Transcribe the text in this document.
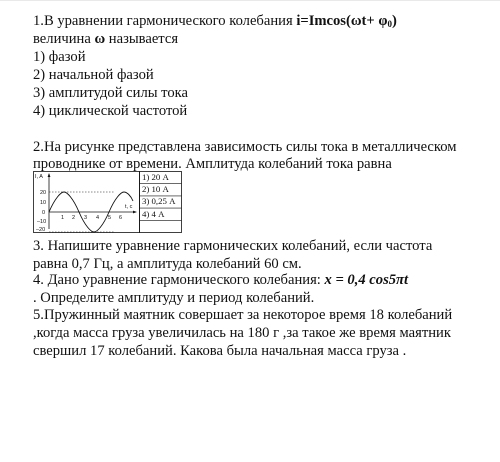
1.В уравнении гармонического колебания $i=Imcos(\omega t+ \varphi_0)$
величина ω называется
1) фазой
2) начальной фазой
3) амплитудой силы тока
4) циклической частотой
2.На рисунке представлена зависимость силы тока в металлическом
проводнике от времени. Амплитуда колебаний тока равна
I, A
t, c
20
10
0
–10
–20
1 2 3 4 5 6
1) 20 А
2) 10 А
3) 0,25 А
4) 4 А
3. Напишите уравнение гармонических колебаний, если частота
равна 0,7 Гц, а амплитуда колебаний 60 см.
4. Дано уравнение гармонического колебания: x = 0,4 cos5πt
. Определите амплитуду и период колебаний.
5.Пружинный маятник совершает за некоторое время 18 колебаний
,когда масса груза увеличилась на 180 г ,за такое же время маятник
свершил 17 колебаний. Какова была начальная масса груза .
